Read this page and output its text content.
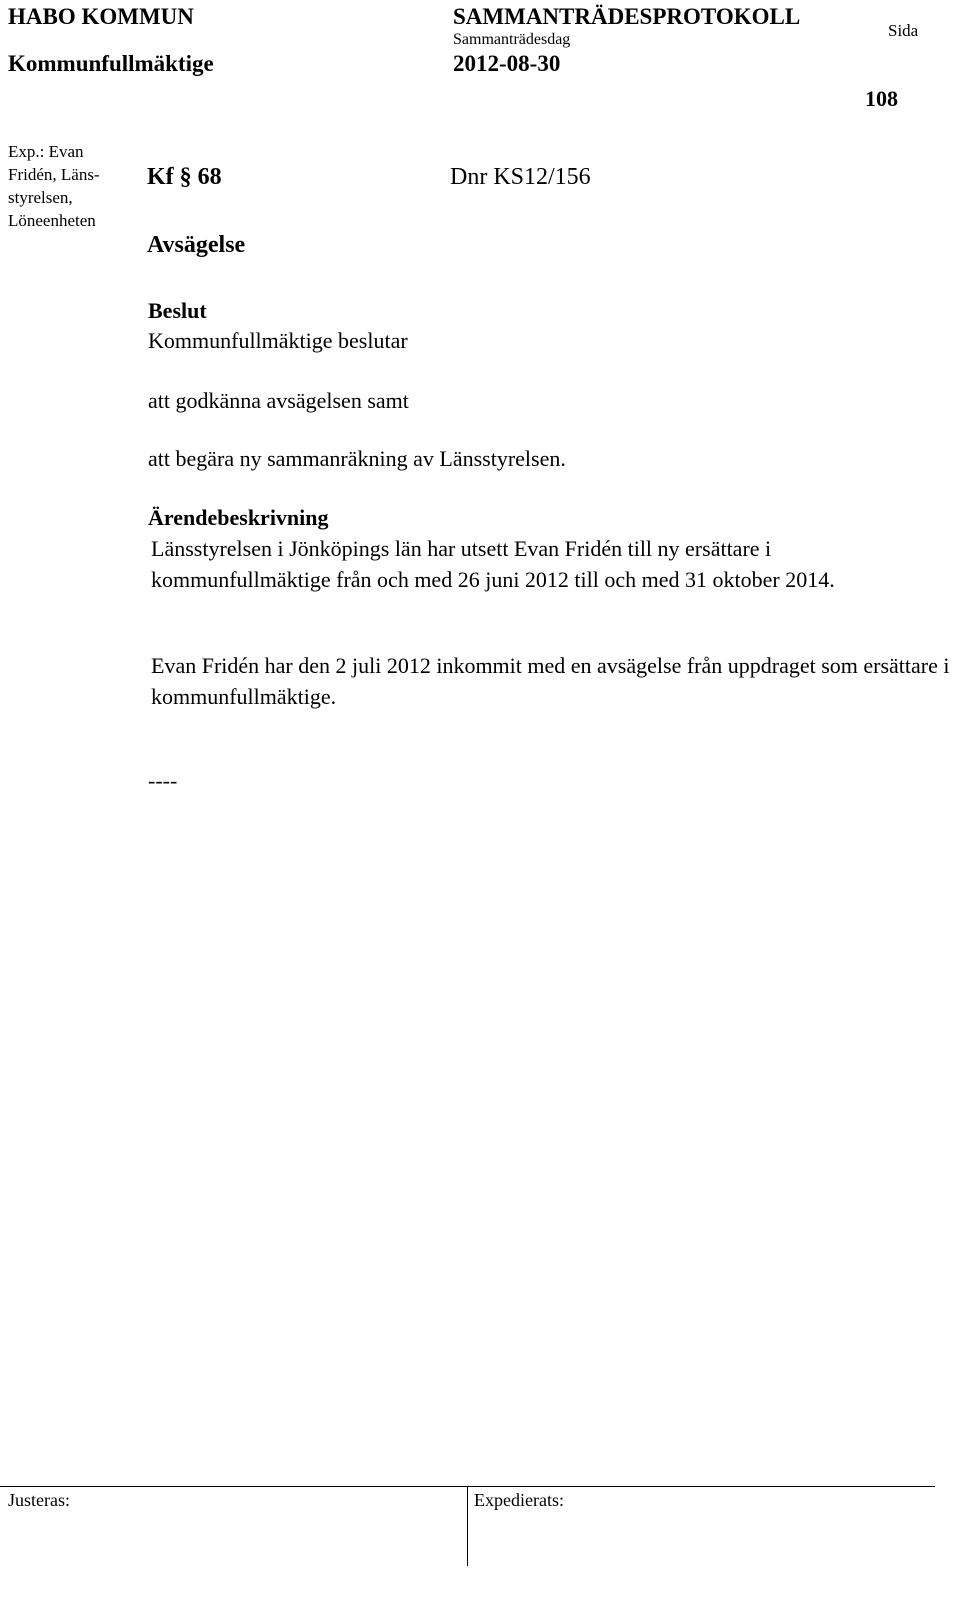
HABO KOMMUN	SAMMANTRÄDESPROTOKOLL
Sida
Kommunfullmäktige
Sammanträdesdag
2012-08-30
108
Exp.: Evan
Fridén, Läns-
styrelsen,
Löneenheten
Kf § 68	Dnr KS12/156
Avsägelse
Beslut
Kommunfullmäktige beslutar
att godkänna avsägelsen samt
att begära ny sammanräkning av Länsstyrelsen.
Ärendebeskrivning

Länsstyrelsen i Jönköpings län har utsett Evan Fridén till ny ersättare i kommunfullmäktige från och med 26 juni 2012 till och med 31 oktober 2014.

Evan Fridén har den 2 juli 2012 inkommit med en avsägelse från uppdraget som ersättare i kommunfullmäktige.

----
Justeras:	Expedierats:
